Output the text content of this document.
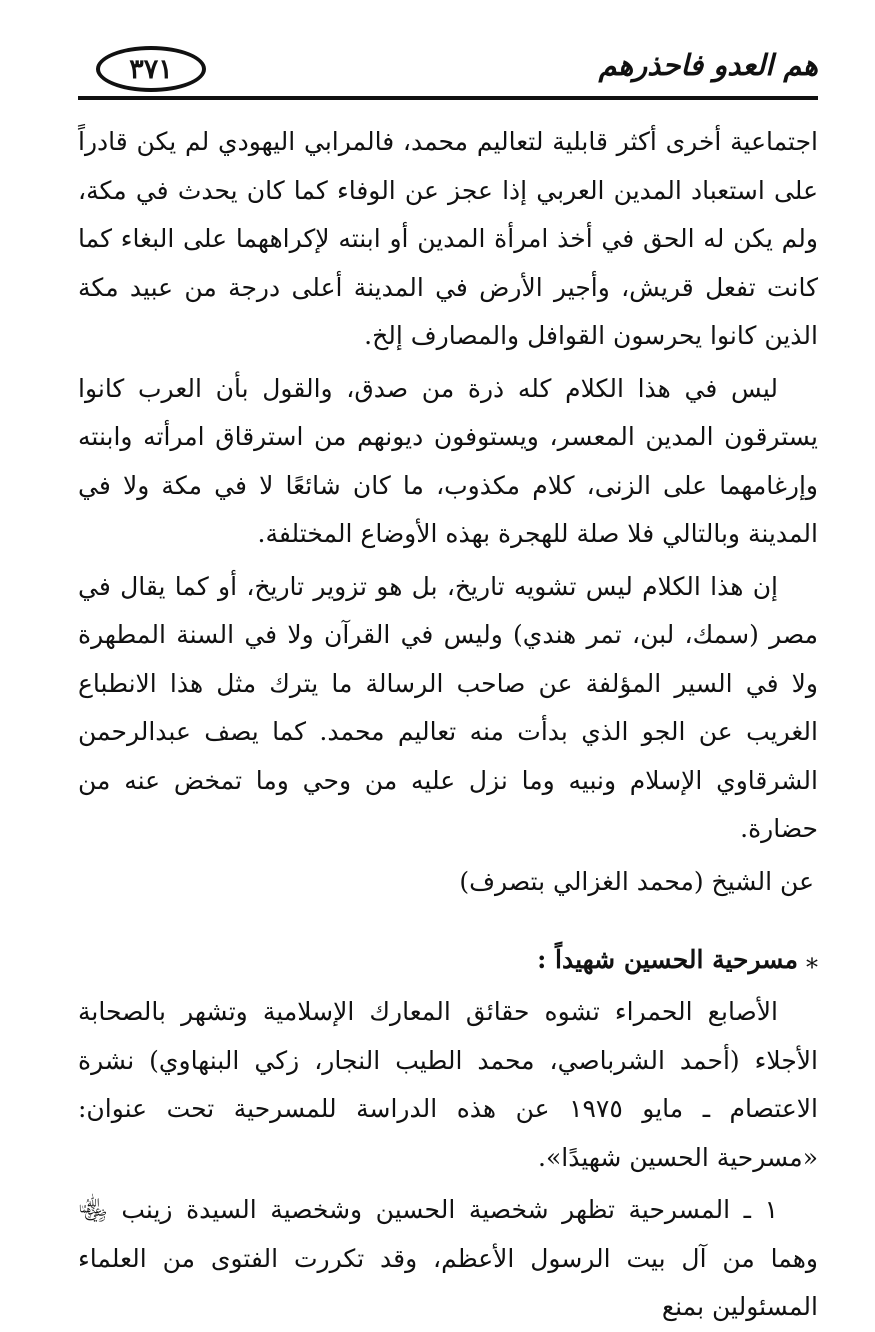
هم العدو فاحذرهم
٣٧١

اجتماعية أخرى أكثر قابلية لتعاليم محمد، فالمرابي اليهودي لم يكن قادراً على استعباد المدين العربي إذا عجز عن الوفاء كما كان يحدث في مكة، ولم يكن له الحق في أخذ امرأة المدين أو ابنته لإكراههما على البغاء كما كانت تفعل قريش، وأجير الأرض في المدينة أعلى درجة من عبيد مكة الذين كانوا يحرسون القوافل والمصارف إلخ.

ليس في هذا الكلام كله ذرة من صدق، والقول بأن العرب كانوا يسترقون المدين المعسر، ويستوفون ديونهم من استرقاق امرأته وابنته وإرغامهما على الزنى، كلام مكذوب، ما كان شائعًا لا في مكة ولا في المدينة وبالتالي فلا صلة للهجرة بهذه الأوضاع المختلفة.

إن هذا الكلام ليس تشويه تاريخ، بل هو تزوير تاريخ، أو كما يقال في مصر (سمك، لبن، تمر هندي) وليس في القرآن ولا في السنة المطهرة ولا في السير المؤلفة عن صاحب الرسالة ما يترك مثل هذا الانطباع الغريب عن الجو الذي بدأت منه تعاليم محمد. كما يصف عبدالرحمن الشرقاوي الإسلام ونبيه وما نزل عليه من وحي وما تمخض عنه من حضارة.

عن الشيخ (محمد الغزالي بتصرف)

⁎
مسرحية الحسين شهيداً :

الأصابع الحمراء تشوه حقائق المعارك الإسلامية وتشهر بالصحابة الأجلاء (أحمد الشرباصي، محمد الطيب النجار، زكي البنهاوي) نشرة الاعتصام ـ مايو ١٩٧٥ عن هذه الدراسة للمسرحية تحت عنوان: «مسرحية الحسين شهيدًا».

١ ـ المسرحية تظهر شخصية الحسين وشخصية السيدة زينب ﵄ وهما من آل بيت الرسول الأعظم، وقد تكررت الفتوى من العلماء المسئولين بمنع
